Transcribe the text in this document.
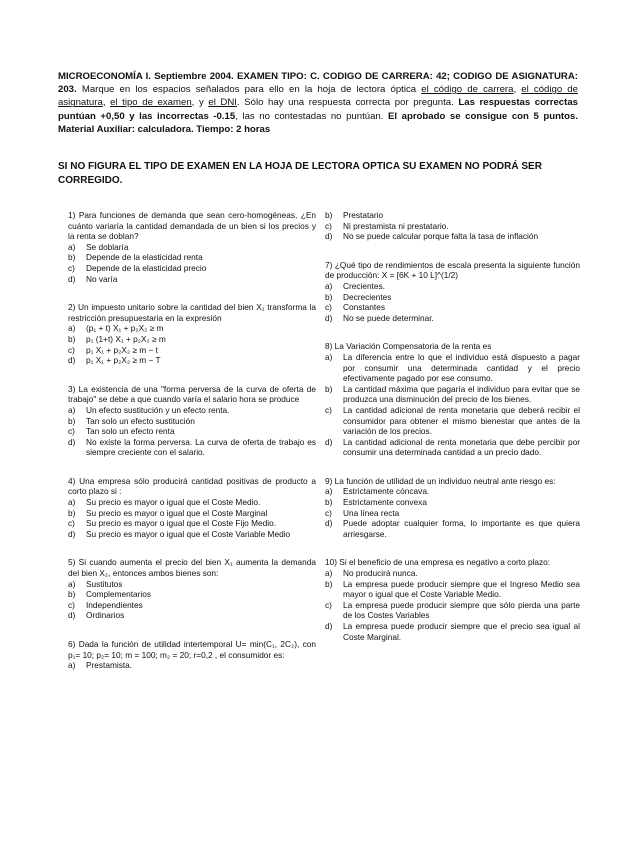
MICROECONOMÍA I. Septiembre 2004. EXAMEN TIPO: C. CODIGO DE CARRERA: 42; CODIGO DE ASIGNATURA: 203. Marque en los espacios señalados para ello en la hoja de lectora óptica el código de carrera, el código de asignatura, el tipo de examen, y el DNI. Sólo hay una respuesta correcta por pregunta. Las respuestas correctas puntúan +0,50 y las incorrectas -0.15, las no contestadas no puntúan. El aprobado se consigue con 5 puntos. Material Auxiliar: calculadora. Tiempo: 2 horas
SI NO FIGURA EL TIPO DE EXAMEN EN LA HOJA DE LECTORA OPTICA SU EXAMEN NO PODRÁ SER CORREGIDO.
1) Para funciones de demanda que sean cero-homogéneas, ¿En cuánto variaría la cantidad demandada de un bien si los precios y la renta se doblan?
a)	Se doblaría
b)	Depende de la elasticidad renta
c)	Depende de la elasticidad precio
d)	No varía
2) Un impuesto unitario sobre la cantidad del bien X₁ transforma la restricción presupuestaria en la expresión
a)	(p₁ + t) X₁ + p₂X₂ ≥ m
b)	p₁ (1+t) X₁ + p₂X₂ ≥ m
c)	p₁ X₁ + p₂X₂ ≥ m − t
d)	p₁ X₁ + p₂X₂ ≥ m − T
3) La existencia de una "forma perversa de la curva de oferta de trabajo" se debe a que cuando varía el salario hora se produce
a)	Un efecto sustitución y un efecto renta.
b)	Tan solo un efecto sustitución
c)	Tan solo un efecto renta
d)	No existe la forma perversa. La curva de oferta de trabajo es siempre creciente con el salario.
4) Una empresa sólo producirá cantidad positivas de producto a corto plazo si :
a)	Su precio es mayor o igual que el Coste Medio.
b)	Su precio es mayor o igual que el Coste Marginal
c)	Su precio es mayor o igual que el Coste Fijo Medio.
d)	Su precio es mayor o igual que el Coste Variable Medio
5) Si cuando aumenta el precio del bien X₁ aumenta la demanda del bien X₂, entonces ambos bienes son:
a)	Sustitutos
b)	Complementarios
c)	Independientes
d)	Ordinarios
6) Dada la función de utilidad intertemporal U= min(C₁, 2C₂), con p₁= 10; p₂= 10; m = 100; m₂ = 20; r=0,2 , el consumidor es:
a)	Prestamista.
b)	Prestatario
c)	Ni prestamista ni prestatario.
d)	No se puede calcular porque falta la tasa de inflación
7) ¿Qué tipo de rendimientos de escala presenta la siguiente función de producción: X = [6K + 10 L]^(1/2)
a)	Crecientes.
b)	Decrecientes
c)	Constantes
d)	No se puede determinar.
8) La Variación Compensatoria de la renta es
a)	La diferencia entre lo que el individuo está dispuesto a pagar por consumir una determinada cantidad y el precio efectivamente pagado por ese consumo.
b)	La cantidad máxima que pagaría el individuo para evitar que se produzca una disminución del precio de los bienes.
c)	La cantidad adicional de renta monetaria que deberá recibir el consumidor para obtener el mismo bienestar que antes de la variación de los precios.
d)	La cantidad adicional de renta monetaria que debe percibir por consumir una determinada cantidad a un precio dado.
9) La función de utilidad de un individuo neutral ante riesgo es:
a)	Estrictamente cóncava.
b)	Estrictamente convexa
c)	Una línea recta
d)	Puede adoptar cualquier forma, lo importante es que quiera arriesgarse.
10) Si el beneficio de una empresa es negativo a corto plazo:
a)	No producirá nunca.
b)	La empresa puede producir siempre que el Ingreso Medio sea mayor o igual que el Coste Variable Medio.
c)	La empresa puede producir siempre que sólo pierda una parte de los Costes Variables
d)	La empresa puede producir siempre que el precio sea igual al Coste Marginal.
